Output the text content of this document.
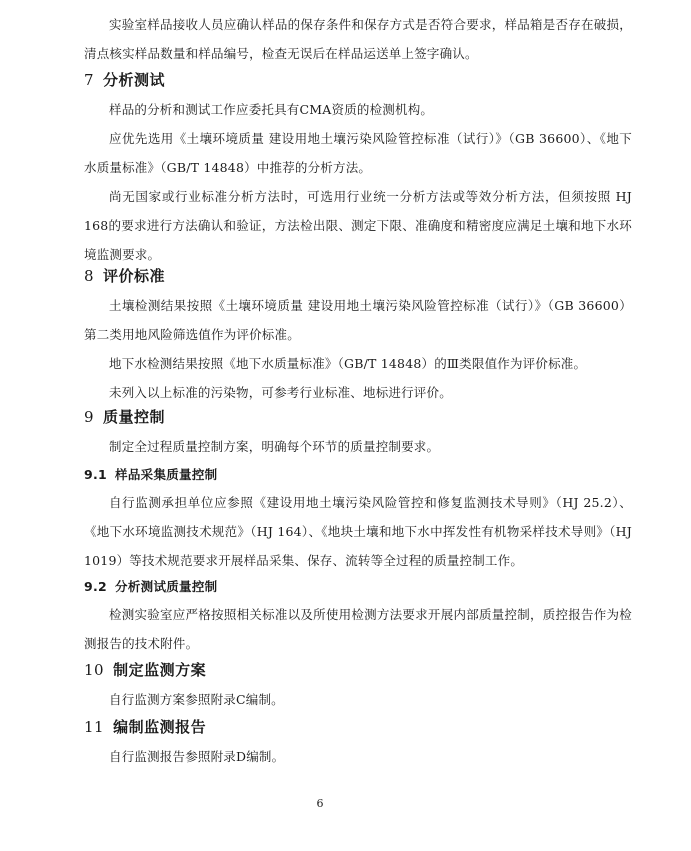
实验室样品接收人员应确认样品的保存条件和保存方式是否符合要求，样品箱是否存在破损，清点核实样品数量和样品编号，检查无误后在样品运送单上签字确认。

7 分析测试

样品的分析和测试工作应委托具有CMA资质的检测机构。

应优先选用《土壤环境质量 建设用地土壤污染风险管控标准（试行）》（GB 36600）、《地下水质量标准》（GB/T 14848）中推荐的分析方法。

尚无国家或行业标准分析方法时，可选用行业统一分析方法或等效分析方法，但须按照 HJ 168的要求进行方法确认和验证，方法检出限、测定下限、准确度和精密度应满足土壤和地下水环境监测要求。

8 评价标准

土壤检测结果按照《土壤环境质量 建设用地土壤污染风险管控标准（试行）》（GB 36600）第二类用地风险筛选值作为评价标准。

地下水检测结果按照《地下水质量标准》（GB/T 14848）的Ⅲ类限值作为评价标准。

未列入以上标准的污染物，可参考行业标准、地标进行评价。

9 质量控制

制定全过程质量控制方案，明确每个环节的质量控制要求。

9.1 样品采集质量控制

自行监测承担单位应参照《建设用地土壤污染风险管控和修复监测技术导则》（HJ 25.2）、《地下水环境监测技术规范》（HJ 164）、《地块土壤和地下水中挥发性有机物采样技术导则》（HJ 1019）等技术规范要求开展样品采集、保存、流转等全过程的质量控制工作。

9.2 分析测试质量控制

检测实验室应严格按照相关标准以及所使用检测方法要求开展内部质量控制，质控报告作为检测报告的技术附件。

10 制定监测方案

自行监测方案参照附录C编制。

11 编制监测报告

自行监测报告参照附录D编制。

6
